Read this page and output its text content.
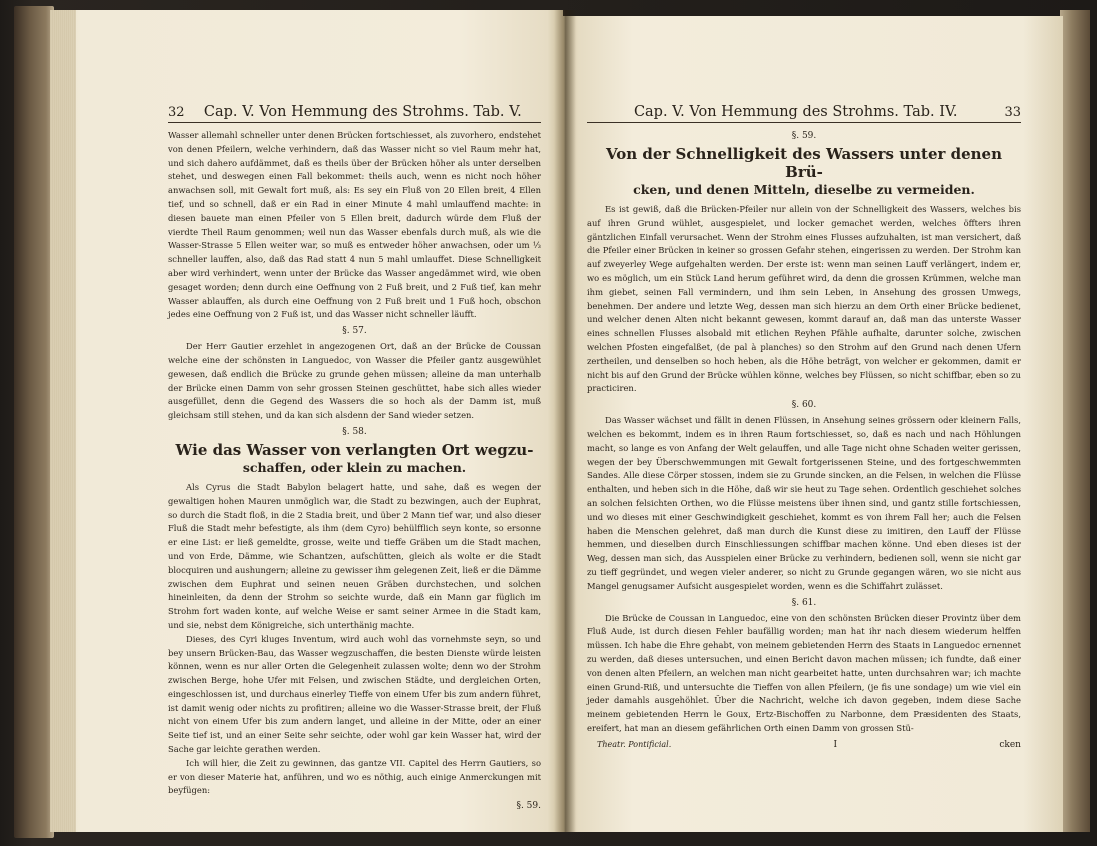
32	Cap. V. Von Hemmung des Strohms. Tab. V.

Wasser allemahl schneller unter denen Brücken fortschiesset, als zuvorhero, endstehet von denen Pfeilern, welche verhindern, daß das Wasser nicht so viel Raum mehr hat, und sich dahero aufdämmet, daß es theils über der Brücken höher als unter derselben stehet, und deswegen einen Fall bekommet: theils auch, wenn es nicht noch höher anwachsen soll, mit Gewalt fort muß, als: Es sey ein Fluß von 20 Ellen breit, 4 Ellen tief, und so schnell, daß er ein Rad in einer Minute 4 mahl umlauffend machte: in diesen bauete man einen Pfeiler von 5 Ellen breit, dadurch würde dem Fluß der vierdte Theil Raum genommen; weil nun das Wasser ebenfals durch muß, als wie die Wasser-Strasse 5 Ellen weiter war, so muß es entweder höher anwachsen, oder um ⅓ schneller lauffen, also, daß das Rad statt 4 nun 5 mahl umlauffet. Diese Schnelligkeit aber wird verhindert, wenn unter der Brücke das Wasser angedämmet wird, wie oben gesaget worden; denn durch eine Oeffnung von 2 Fuß breit, und 2 Fuß tief, kan mehr Wasser ablauffen, als durch eine Oeffnung von 2 Fuß breit und 1 Fuß hoch, obschon jedes eine Oeffnung von 2 Fuß ist, und das Wasser nicht schneller läufft.

§. 57.

Der Herr Gautier erzehlet in angezogenen Ort, daß an der Brücke de Coussan welche eine der schönsten in Languedoc, von Wasser die Pfeiler gantz ausgewühlet gewesen, daß endlich die Brücke zu grunde gehen müssen; alleine da man unterhalb der Brücke einen Damm von sehr grossen Steinen geschüttet, habe sich alles wieder ausgefüllet, denn die Gegend des Wassers die so hoch als der Damm ist, muß gleichsam still stehen, und da kan sich alsdenn der Sand wieder setzen.

§. 58.
Wie das Wasser von verlangten Ort wegzu-
schaffen, oder klein zu machen.

Als Cyrus die Stadt Babylon belagert hatte, und sahe, daß es wegen der gewaltigen hohen Mauren unmöglich war, die Stadt zu bezwingen, auch der Euphrat, so durch die Stadt floß, in die 2 Stadia breit, und über 2 Mann tief war, und also dieser Fluß die Stadt mehr befestigte, als ihm (dem Cyro) behülfflich seyn konte, so ersonne er eine List: er ließ gemeldte, grosse, weite und tieffe Gräben um die Stadt machen, und von Erde, Dämme, wie Schantzen, aufschütten, gleich als wolte er die Stadt blocquiren und aushungern; alleine zu gewisser ihm gelegenen Zeit, ließ er die Dämme zwischen dem Euphrat und seinen neuen Gräben durchstechen, und solchen hineinleiten, da denn der Strohm so seichte wurde, daß ein Mann gar füglich im Strohm fort waden konte, auf welche Weise er samt seiner Armee in die Stadt kam, und sie, nebst dem Königreiche, sich unterthänig machte.

Dieses, des Cyri kluges Inventum, wird auch wohl das vornehmste seyn, so und bey unsern Brücken-Bau, das Wasser wegzuschaffen, die besten Dienste würde leisten können, wenn es nur aller Orten die Gelegenheit zulassen wolte; denn wo der Strohm zwischen Berge, hohe Ufer mit Felsen, und zwischen Städte, und dergleichen Orten, eingeschlossen ist, und durchaus einerley Tieffe von einem Ufer bis zum andern führet, ist damit wenig oder nichts zu profitiren; alleine wo die Wasser-Strasse breit, der Fluß nicht von einem Ufer bis zum andern langet, und alleine in der Mitte, oder an einer Seite tief ist, und an einer Seite sehr seichte, oder wohl gar kein Wasser hat, wird der Sache gar leichte gerathen werden.

Ich will hier, die Zeit zu gewinnen, das gantze VII. Capitel des Herrn Gautiers, so er von dieser Materie hat, anführen, und wo es nöthig, auch einige Anmerckungen mit beyfügen:

§. 59.
Cap. V. Von Hemmung des Strohms. Tab. IV.	33
§. 59.
Von der Schnelligkeit des Wassers unter denen Brü-
cken, und denen Mitteln, dieselbe zu vermeiden.

Es ist gewiß, daß die Brücken-Pfeiler nur allein von der Schnelligkeit des Wassers, welches bis auf ihren Grund wühlet, ausgespielet, und locker gemachet werden, welches öffters ihren gäntzlichen Einfall verursachet. Wenn der Strohm eines Flusses aufzuhalten, ist man versichert, daß die Pfeiler einer Brücken in keiner so grossen Gefahr stehen, eingerissen zu werden. Der Strohm kan auf zweyerley Wege aufgehalten werden. Der erste ist: wenn man seinen Lauff verlängert, indem er, wo es möglich, um ein Stück Land herum geführet wird, da denn die grossen Krümmen, welche man ihm giebet, seinen Fall vermindern, und ihm sein Leben, in Ansehung des grossen Umwegs, benehmen. Der andere und letzte Weg, dessen man sich hierzu an dem Orth einer Brücke bedienet, und welcher denen Alten nicht bekannt gewesen, kommt darauf an, daß man das unterste Wasser eines schnellen Flusses alsobald mit etlichen Reyhen Pfähle aufhalte, darunter solche, zwischen welchen Pfosten eingefalßet, (de pal à planches) so den Strohm auf den Grund nach denen Ufern zertheilen, und denselben so hoch heben, als die Höhe beträgt, von welcher er gekommen, damit er nicht bis auf den Grund der Brücke wühlen könne, welches bey Flüssen, so nicht schiffbar, eben so zu practiciren.

§. 60.

Das Wasser wächset und fällt in denen Flüssen, in Ansehung seines grössern oder kleinern Falls, welchen es bekommt, indem es in ihren Raum fortschiesset, so, daß es nach und nach Höhlungen macht, so lange es von Anfang der Welt gelauffen, und alle Tage nicht ohne Schaden weiter gerissen, wegen der bey Überschwemmungen mit Gewalt fortgerissenen Steine, und des fortgeschwemmten Sandes. Alle diese Cörper stossen, indem sie zu Grunde sincken, an die Felsen, in welchen die Flüsse enthalten, und heben sich in die Höhe, daß wir sie heut zu Tage sehen. Ordentlich geschiehet solches an solchen felsichten Orthen, wo die Flüsse meistens über ihnen sind, und gantz stille fortschiessen, und wo dieses mit einer Geschwindigkeit geschiehet, kommt es von ihrem Fall her; auch die Felsen haben die Menschen gelehret, daß man durch die Kunst diese zu imitiren, den Lauff der Flüsse hemmen, und dieselben durch Einschliessungen schiffbar machen könne. Und eben dieses ist der Weg, dessen man sich, das Ausspielen einer Brücke zu verhindern, bedienen soll, wenn sie nicht gar zu tieff gegründet, und wegen vieler anderer, so nicht zu Grunde gegangen wären, wo sie nicht aus Mangel genugsamer Aufsicht ausgespielet worden, wenn es die Schiffahrt zulässet.

§. 61.

Die Brücke de Coussan in Languedoc, eine von den schönsten Brücken dieser Provintz über dem Fluß Aude, ist durch diesen Fehler baufällig worden; man hat ihr nach diesem wiederum helffen müssen. Ich habe die Ehre gehabt, von meinem gebietenden Herrn des Staats in Languedoc ernennet zu werden, daß dieses untersuchen, und einen Bericht davon machen müssen; ich fundte, daß einer von denen alten Pfeilern, an welchen man nicht gearbeitet hatte, unten durchsahren war; ich machte einen Grund-Riß, und untersuchte die Tieffen von allen Pfeilern, (je fis une sondage) um wie viel ein jeder damahls ausgehöhlet. Über die Nachricht, welche ich davon gegeben, indem diese Sache meinem gebietenden Herrn le Goux, Ertz-Bischoffen zu Narbonne, dem Præsidenten des Staats, ereifert, hat man an diesem gefährlichen Orth einen Damm von grossen Stü-

Theatr. Pontificial.	I	cken
